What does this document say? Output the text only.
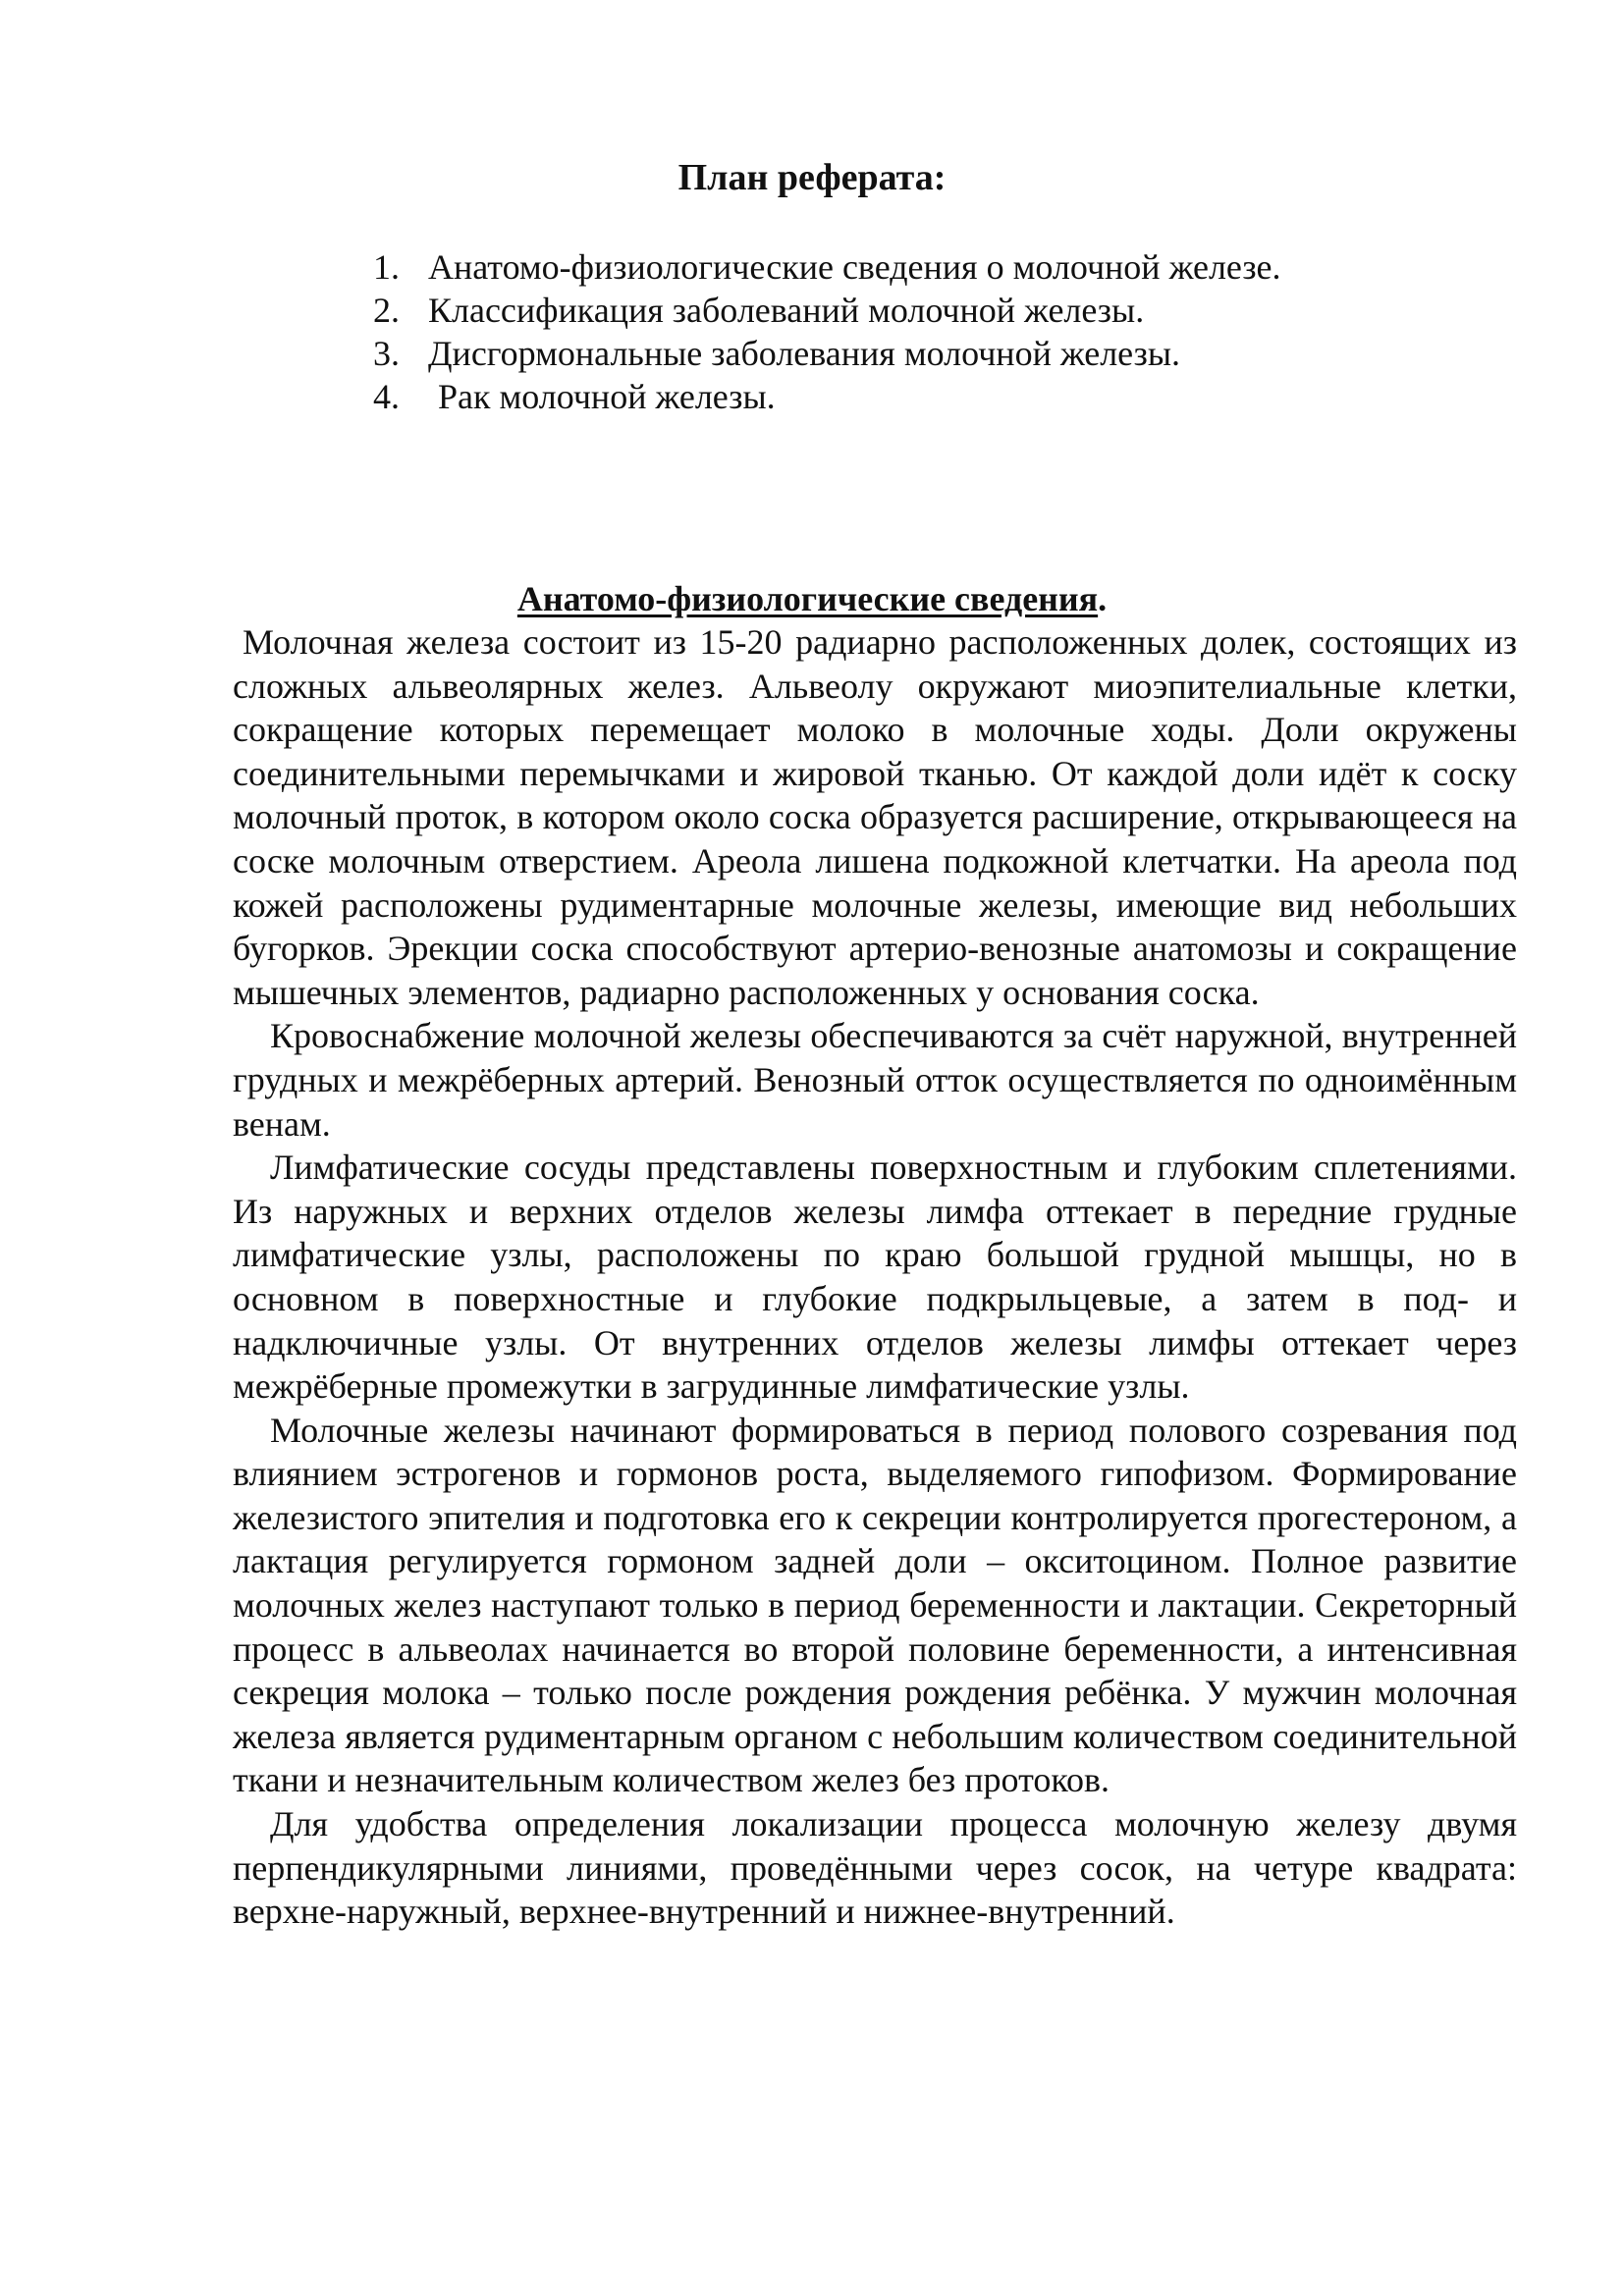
План реферата:
1. Анатомо-физиологические сведения о молочной железе.
2. Классификация заболеваний молочной железы.
3. Дисгормональные заболевания молочной железы.
4. Рак молочной железы.
Анатомо-физиологические сведения.

Молочная железа состоит из 15-20 радиарно расположенных долек, состоящих из сложных альвеолярных желез. Альвеолу окружают миоэпителиальные клетки, сокращение которых перемещает молоко в молочные ходы. Доли окружены соединительными перемычками и жировой тканью. От каждой доли идёт к соску молочный проток, в котором около соска образуется расширение, открывающееся на соске молочным отверстием. Ареола лишена подкожной клетчатки. На ареола под кожей расположены рудиментарные молочные железы, имеющие вид небольших бугорков. Эрекции соска способствуют артерио-венозные анатомозы и сокращение мышечных элементов, радиарно расположенных у основания соска.

Кровоснабжение молочной железы обеспечиваются за счёт наружной, внутренней грудных и межрёберных артерий. Венозный отток осуществляется по одноимённым венам.

Лимфатические сосуды представлены поверхностным и глубоким сплетениями. Из наружных и верхних отделов железы лимфа оттекает в передние грудные лимфатические узлы, расположены по краю большой грудной мышцы, но в основном в поверхностные и глубокие подкрыльцевые, а затем в под- и надключичные узлы. От внутренних отделов железы лимфы оттекает через межрёберные промежутки в загрудинные лимфатические узлы.

Молочные железы начинают формироваться в период полового созревания под влиянием эстрогенов и гормонов роста, выделяемого гипофизом. Формирование железистого эпителия и подготовка его к секреции контролируется прогестероном, а лактация регулируется гормоном задней доли – окситоцином. Полное развитие молочных желез наступают только в период беременности и лактации. Секреторный процесс в альвеолах начинается во второй половине беременности, а интенсивная секреция молока – только после рождения рождения ребёнка. У мужчин молочная железа является рудиментарным органом с небольшим количеством соединительной ткани и незначительным количеством желез без протоков.

Для удобства определения локализации процесса молочную железу двумя перпендикулярными линиями, проведёнными через сосок, на четуре квадрата: верхне-наружный, верхнее-внутренний и нижнее-внутренний.
